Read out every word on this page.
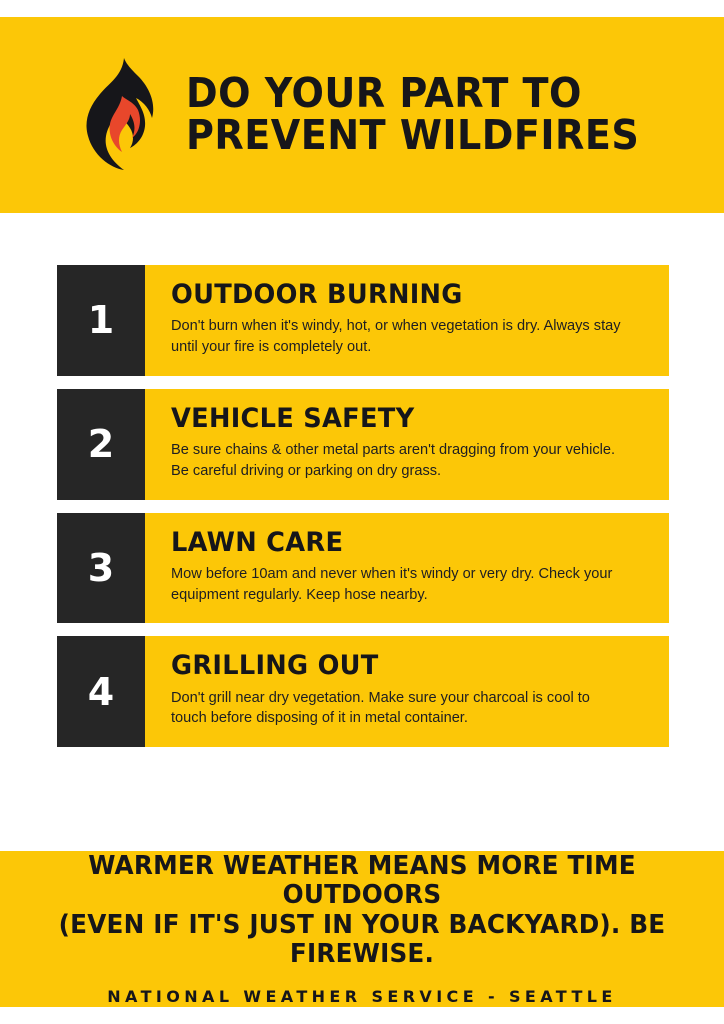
DO YOUR PART TO
PREVENT WILDFIRES
1
OUTDOOR BURNING
Don't burn when it's windy, hot, or when vegetation is dry. Always stay until your fire is completely out.
2
VEHICLE SAFETY
Be sure chains & other metal parts aren't dragging from your vehicle. Be careful driving or parking on dry grass.
3
LAWN CARE
Mow before 10am and never when it's windy or very dry. Check your equipment regularly. Keep hose nearby.
4
GRILLING OUT
Don't grill near dry vegetation. Make sure your charcoal is cool to touch before disposing of it in metal container.
WARMER WEATHER MEANS MORE TIME OUTDOORS
(EVEN IF IT'S JUST IN YOUR BACKYARD). BE FIREWISE.
NATIONAL WEATHER SERVICE - SEATTLE
